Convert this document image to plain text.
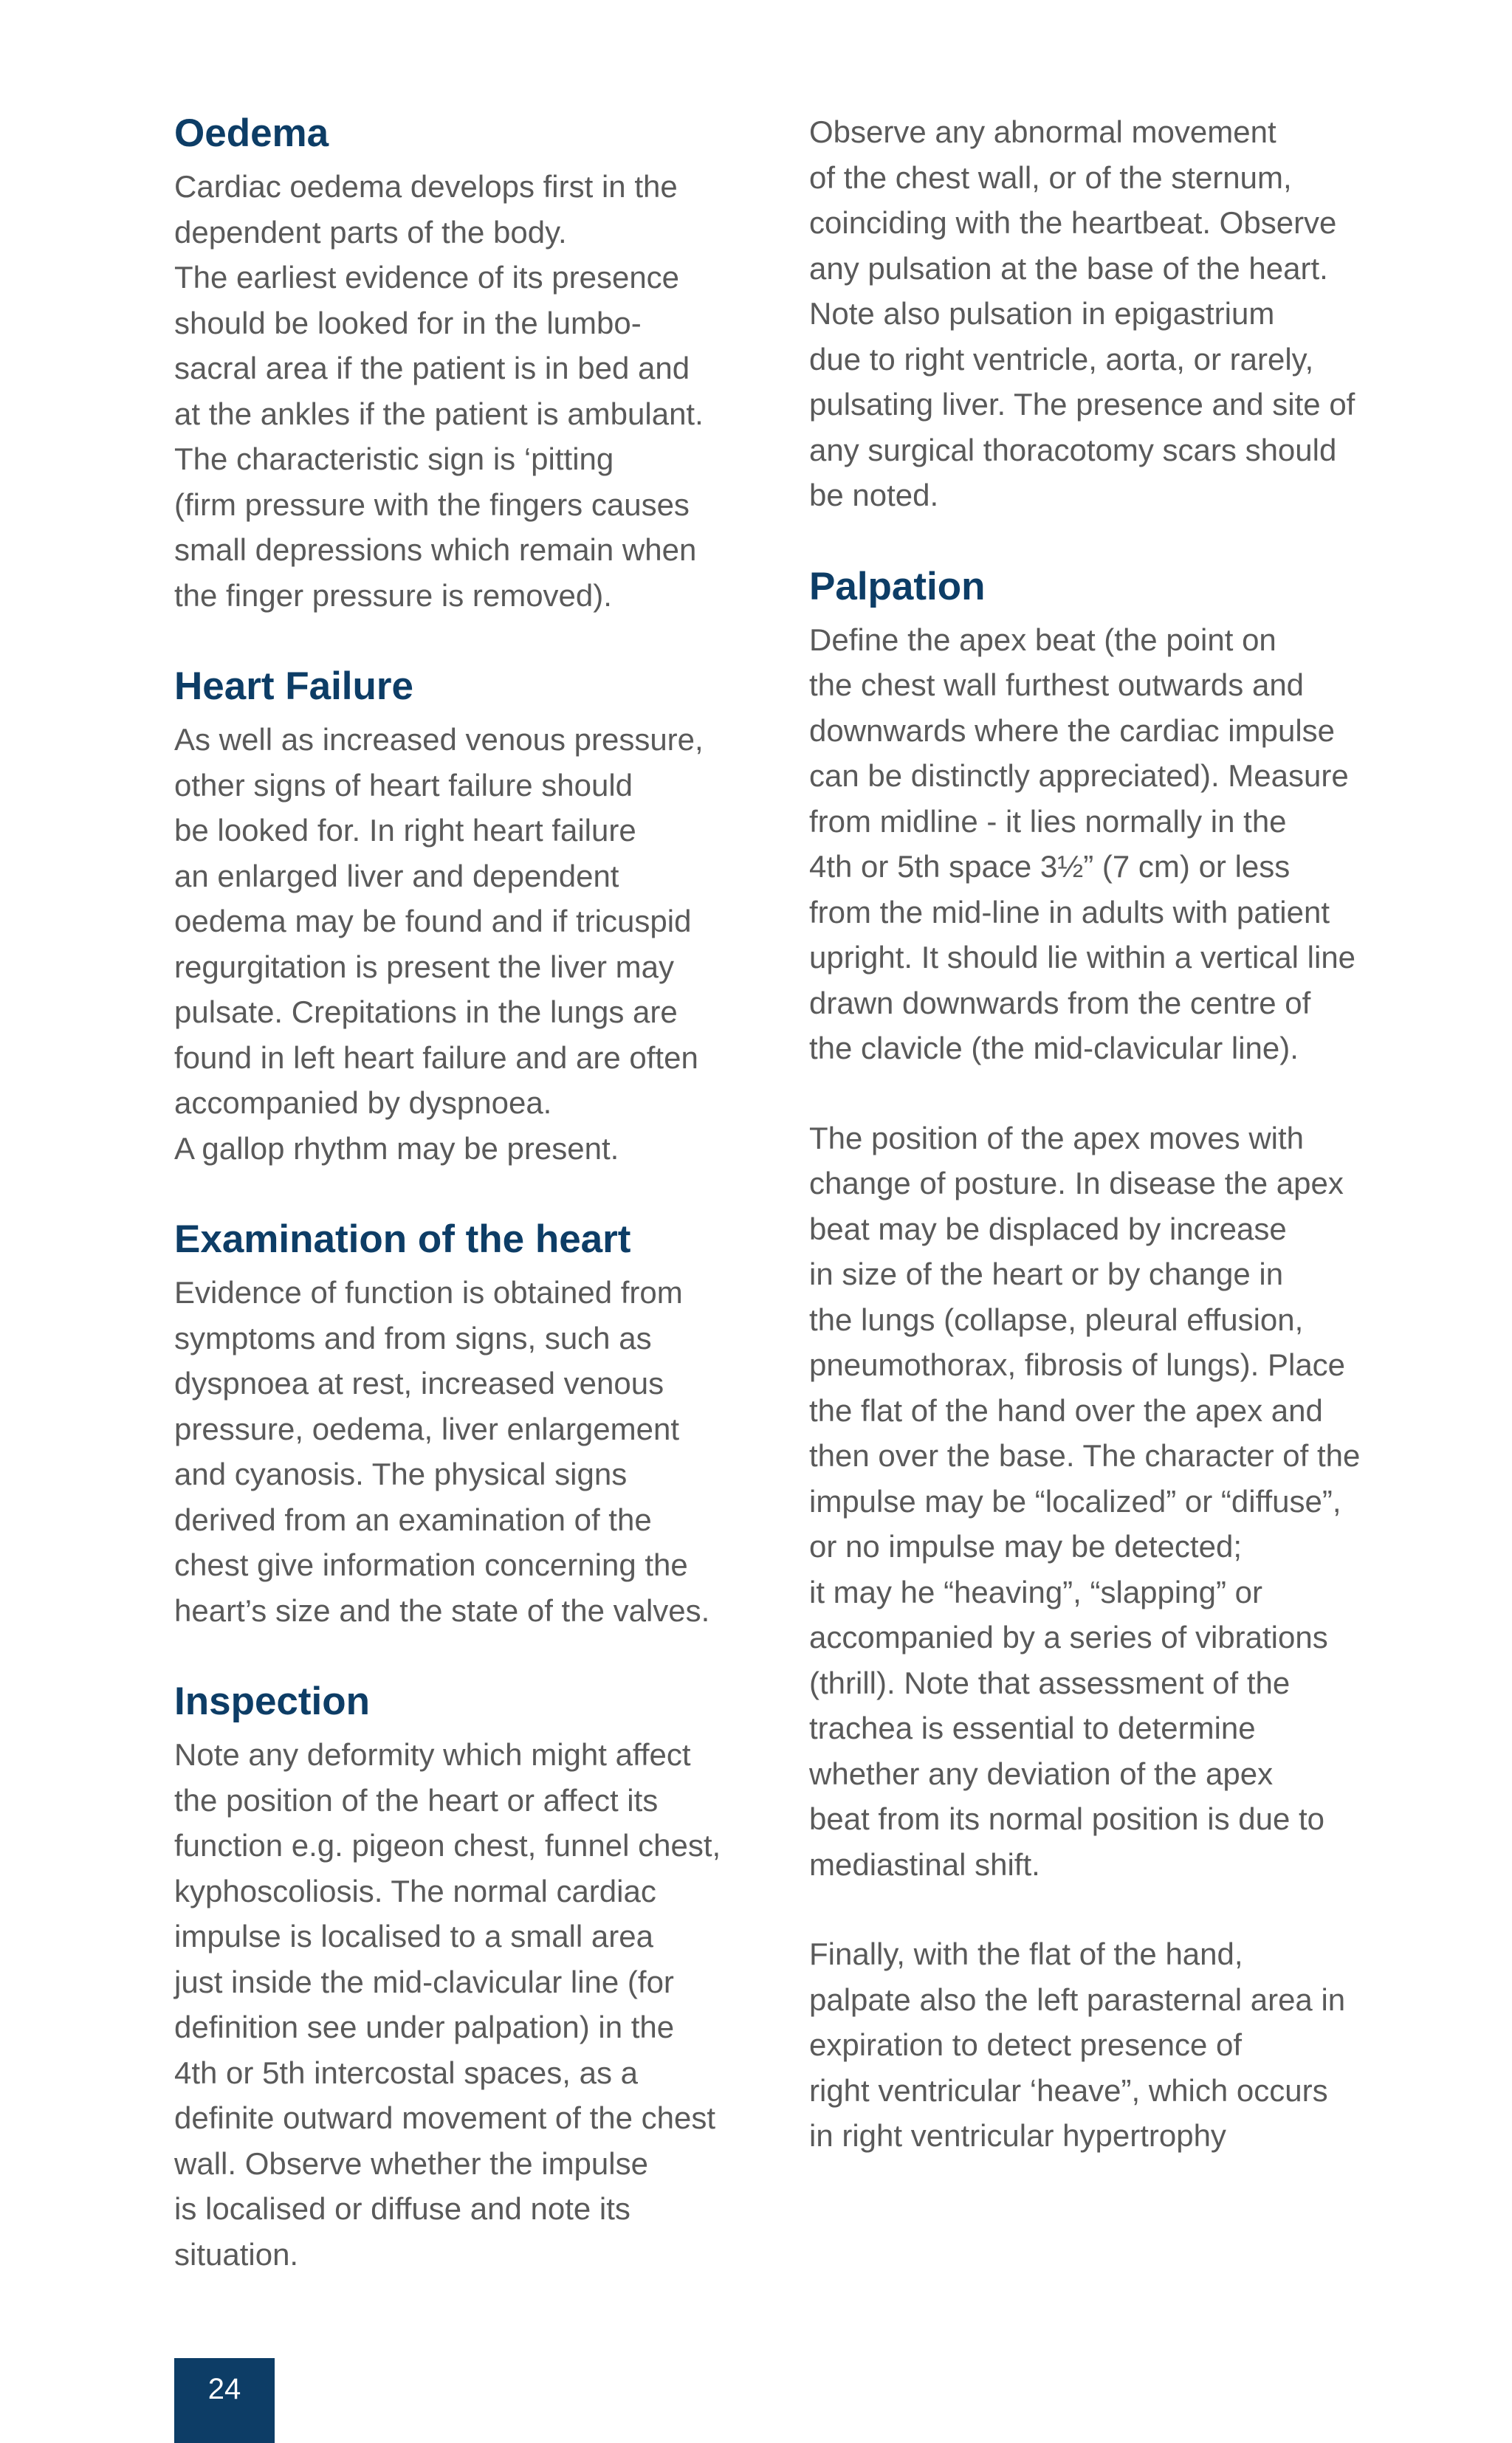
Oedema

Cardiac oedema develops first in the
dependent parts of the body.

The earliest evidence of its presence
should be looked for in the lumbo-
sacral area if the patient is in bed and
at the ankles if the patient is ambulant.
The characteristic sign is ‘pitting
(firm pressure with the fingers causes
small depressions which remain when
the finger pressure is removed).

Heart Failure

As well as increased venous pressure,
other signs of heart failure should
be looked for. In right heart failure
an enlarged liver and dependent
oedema may be found and if tricuspid
regurgitation is present the liver may
pulsate. Crepitations in the lungs are
found in left heart failure and are often
accompanied by dyspnoea.

A gallop rhythm may be present.

Examination of the heart

Evidence of function is obtained from
symptoms and from signs, such as
dyspnoea at rest, increased venous
pressure, oedema, liver enlargement
and cyanosis. The physical signs
derived from an examination of the
chest give information concerning the
heart’s size and the state of the valves.

Inspection

Note any deformity which might affect
the position of the heart or affect its
function e.g. pigeon chest, funnel chest,
kyphoscoliosis. The normal cardiac
impulse is localised to a small area
just inside the mid-clavicular line (for
definition see under palpation) in the
4th or 5th intercostal spaces, as a
definite outward movement of the chest
wall. Observe whether the impulse
is localised or diffuse and note its
situation.

Observe any abnormal movement
of the chest wall, or of the sternum,
coinciding with the heartbeat. Observe
any pulsation at the base of the heart.
Note also pulsation in epigastrium
due to right ventricle, aorta, or rarely,
pulsating liver. The presence and site of
any surgical thoracotomy scars should
be noted.

Palpation

Define the apex beat (the point on
the chest wall furthest outwards and
downwards where the cardiac impulse
can be distinctly appreciated). Measure
from midline - it lies normally in the
4th or 5th space 3½” (7 cm) or less
from the mid-line in adults with patient
upright. It should lie within a vertical line
drawn downwards from the centre of
the clavicle (the mid-clavicular line).

The position of the apex moves with
change of posture. In disease the apex
beat may be displaced by increase
in size of the heart or by change in
the lungs (collapse, pleural effusion,
pneumothorax, fibrosis of lungs). Place
the flat of the hand over the apex and
then over the base. The character of the
impulse may be “localized” or “diffuse”,
or no impulse may be detected;
it may he “heaving”, “slapping” or
accompanied by a series of vibrations
(thrill). Note that assessment of the
trachea is essential to determine
whether any deviation of the apex
beat from its normal position is due to
mediastinal shift.

Finally, with the flat of the hand,
palpate also the left parasternal area in
expiration to detect presence of
right ventricular ‘heave”, which occurs
in right ventricular hypertrophy

24
